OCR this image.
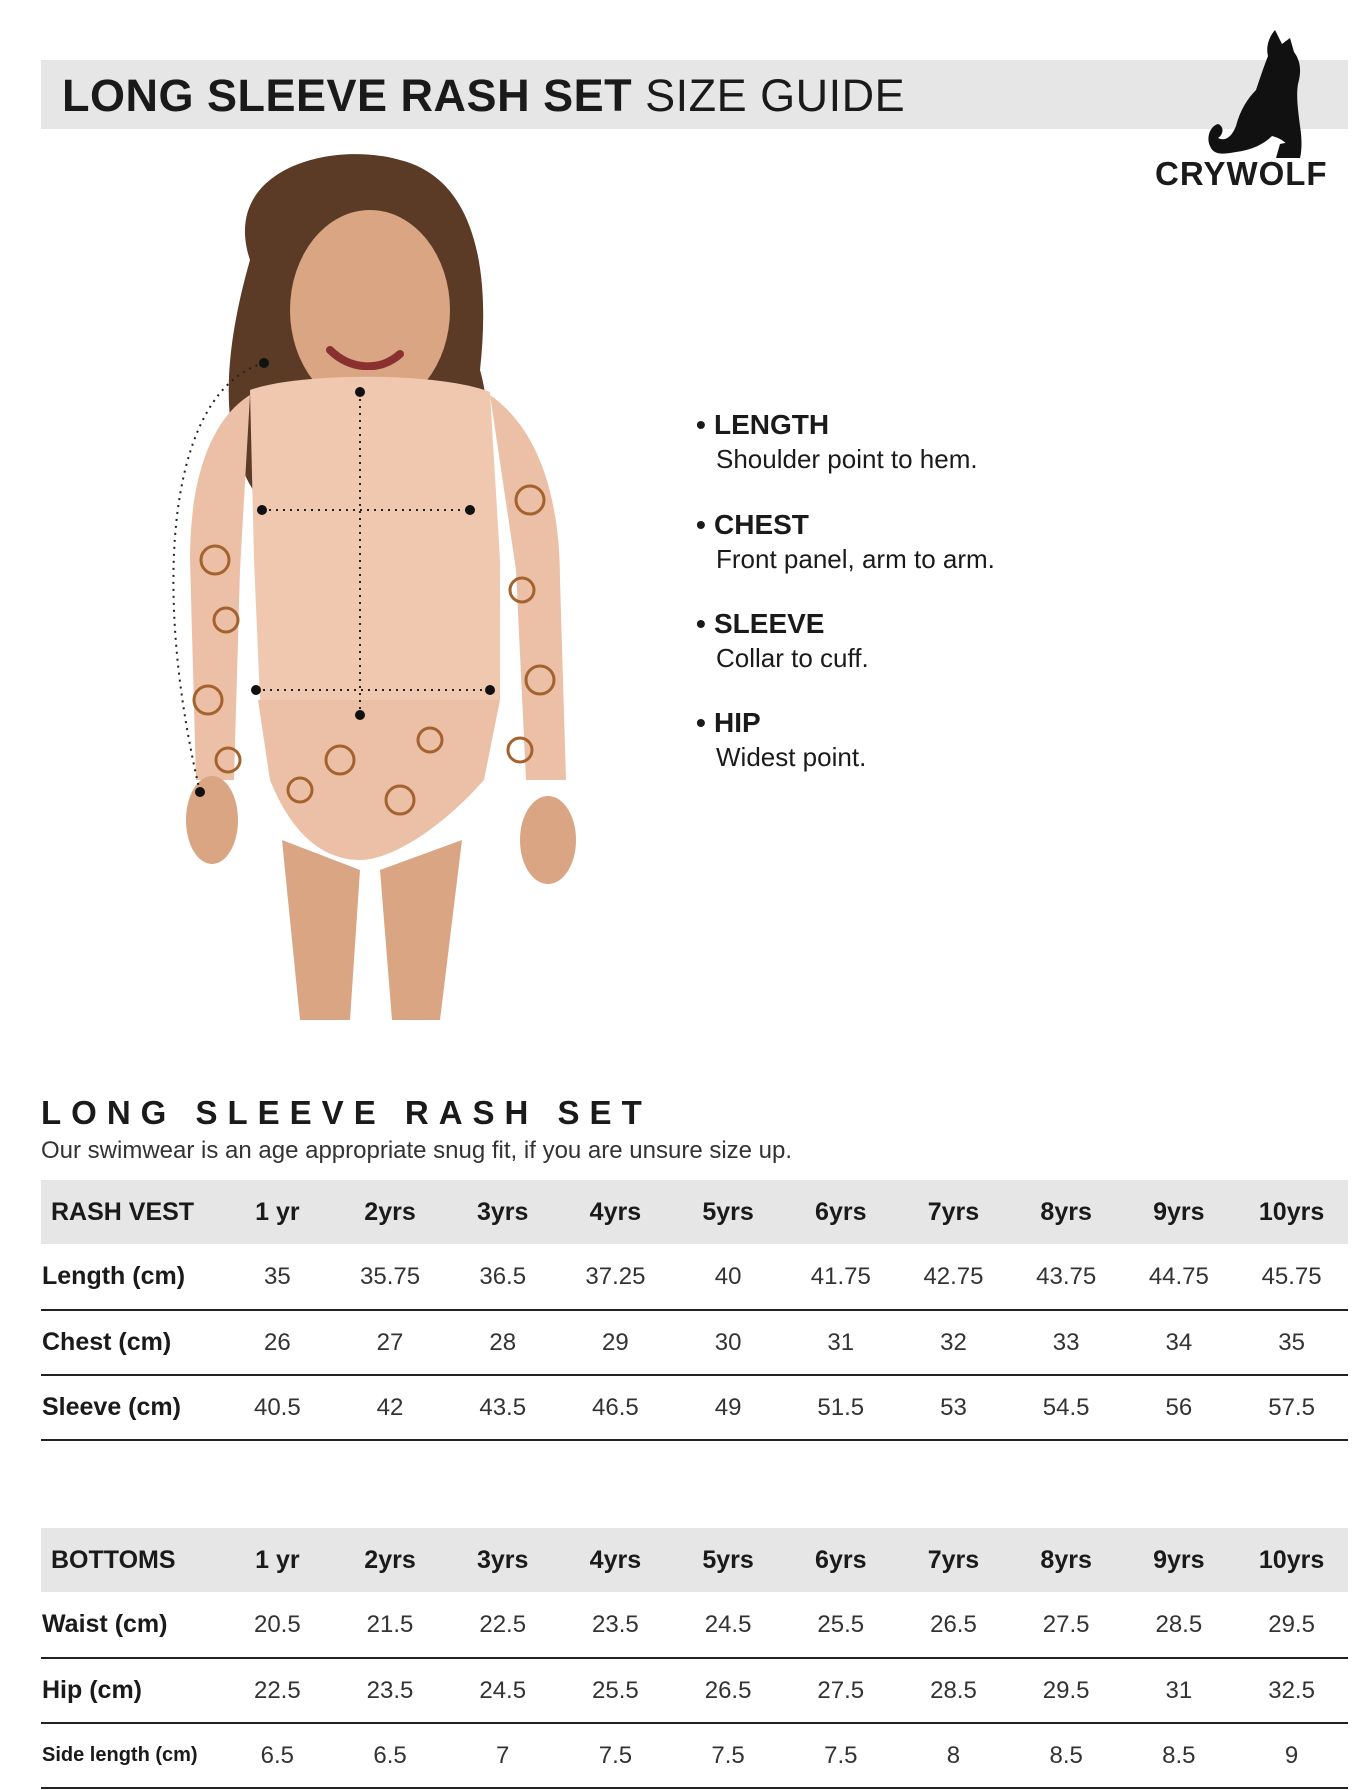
LONG SLEEVE RASH SET SIZE GUIDE
CRYWOLF
• LENGTH
Shoulder point to hem.
• CHEST
Front panel, arm to arm.
• SLEEVE
Collar to cuff.
• HIP
Widest point.
LONG SLEEVE RASH SET
Our swimwear is an age appropriate snug fit, if you are unsure size up.
RASH VEST	1 yr	2yrs	3yrs	4yrs	5yrs	6yrs	7yrs	8yrs	9yrs	10yrs
Length (cm)	35	35.75	36.5	37.25	40	41.75	42.75	43.75	44.75	45.75
Chest (cm)	26	27	28	29	30	31	32	33	34	35
Sleeve (cm)	40.5	42	43.5	46.5	49	51.5	53	54.5	56	57.5
BOTTOMS	1 yr	2yrs	3yrs	4yrs	5yrs	6yrs	7yrs	8yrs	9yrs	10yrs
Waist (cm)	20.5	21.5	22.5	23.5	24.5	25.5	26.5	27.5	28.5	29.5
Hip (cm)	22.5	23.5	24.5	25.5	26.5	27.5	28.5	29.5	31	32.5
Side length (cm)	6.5	6.5	7	7.5	7.5	7.5	8	8.5	8.5	9
